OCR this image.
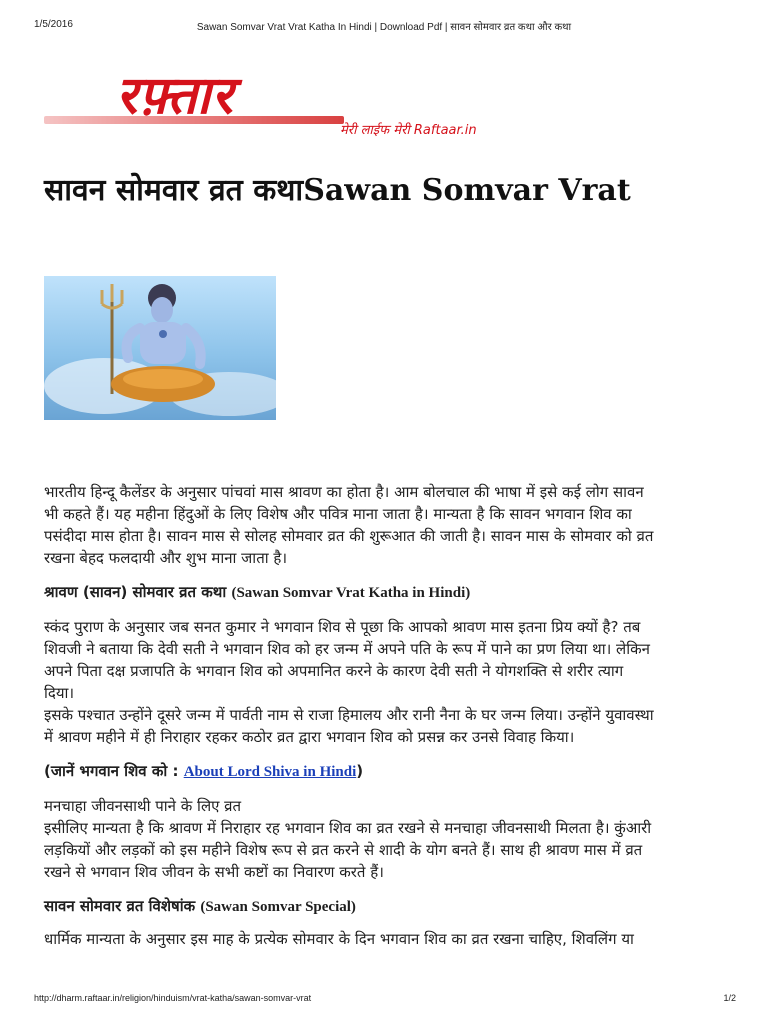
1/5/2016	Sawan Somvar Vrat Vrat Katha In Hindi | Download Pdf | सावन सोमवार व्रत कथा और कथा
रफ़्तार
मेरी लाईफ मेरी Raftaar.in
सावन सोमवार व्रत कथाSawan Somvar Vrat

भारतीय हिन्दू कैलेंडर के अनुसार पांचवां मास श्रावण का होता है। आम बोलचाल की भाषा में इसे कई लोग सावन

भी कहते हैं। यह महीना हिंदुओं के लिए विशेष और पवित्र माना जाता है। मान्यता है कि सावन भगवान शिव का

पसंदीदा मास होता है। सावन मास से सोलह सोमवार व्रत की शुरूआत की जाती है। सावन मास के सोमवार को व्रत

रखना बेहद फलदायी और शुभ माना जाता है।

श्रावण (सावन) सोमवार व्रत कथा (Sawan Somvar Vrat Katha in Hindi)

स्कंद पुराण के अनुसार जब सनत कुमार ने भगवान शिव से पूछा कि आपको श्रावण मास इतना प्रिय क्यों है? तब

शिवजी ने बताया कि देवी सती ने भगवान शिव को हर जन्म में अपने पति के रूप में पाने का प्रण लिया था। लेकिन

अपने पिता दक्ष प्रजापति के भगवान शिव को अपमानित करने के कारण देवी सती ने योगशक्ति से शरीर त्याग

दिया।

इसके पश्चात उन्होंने दूसरे जन्म में पार्वती नाम से राजा हिमालय और रानी नैना के घर जन्म लिया। उन्होंने युवावस्था

में श्रावण महीने में ही निराहार रहकर कठोर व्रत द्वारा भगवान शिव को प्रसन्न कर उनसे विवाह किया।

(जानें भगवान शिव को : About Lord Shiva in Hindi)

मनचाहा जीवनसाथी पाने के लिए व्रत

इसीलिए मान्यता है कि श्रावण में निराहार रह भगवान शिव का व्रत रखने से मनचाहा जीवनसाथी मिलता है। कुंआरी

लड़कियों और लड़कों को इस महीने विशेष रूप से व्रत करने से शादी के योग बनते हैं। साथ ही श्रावण मास में व्रत

रखने से भगवान शिव जीवन के सभी कष्टों का निवारण करते हैं।

सावन सोमवार व्रत विशेषांक (Sawan Somvar Special)

धार्मिक मान्यता के अनुसार इस माह के प्रत्येक सोमवार के दिन भगवान शिव का व्रत रखना चाहिए, शिवलिंग या

http://dharm.raftaar.in/religion/hinduism/vrat-katha/sawan-somvar-vrat	1/2
